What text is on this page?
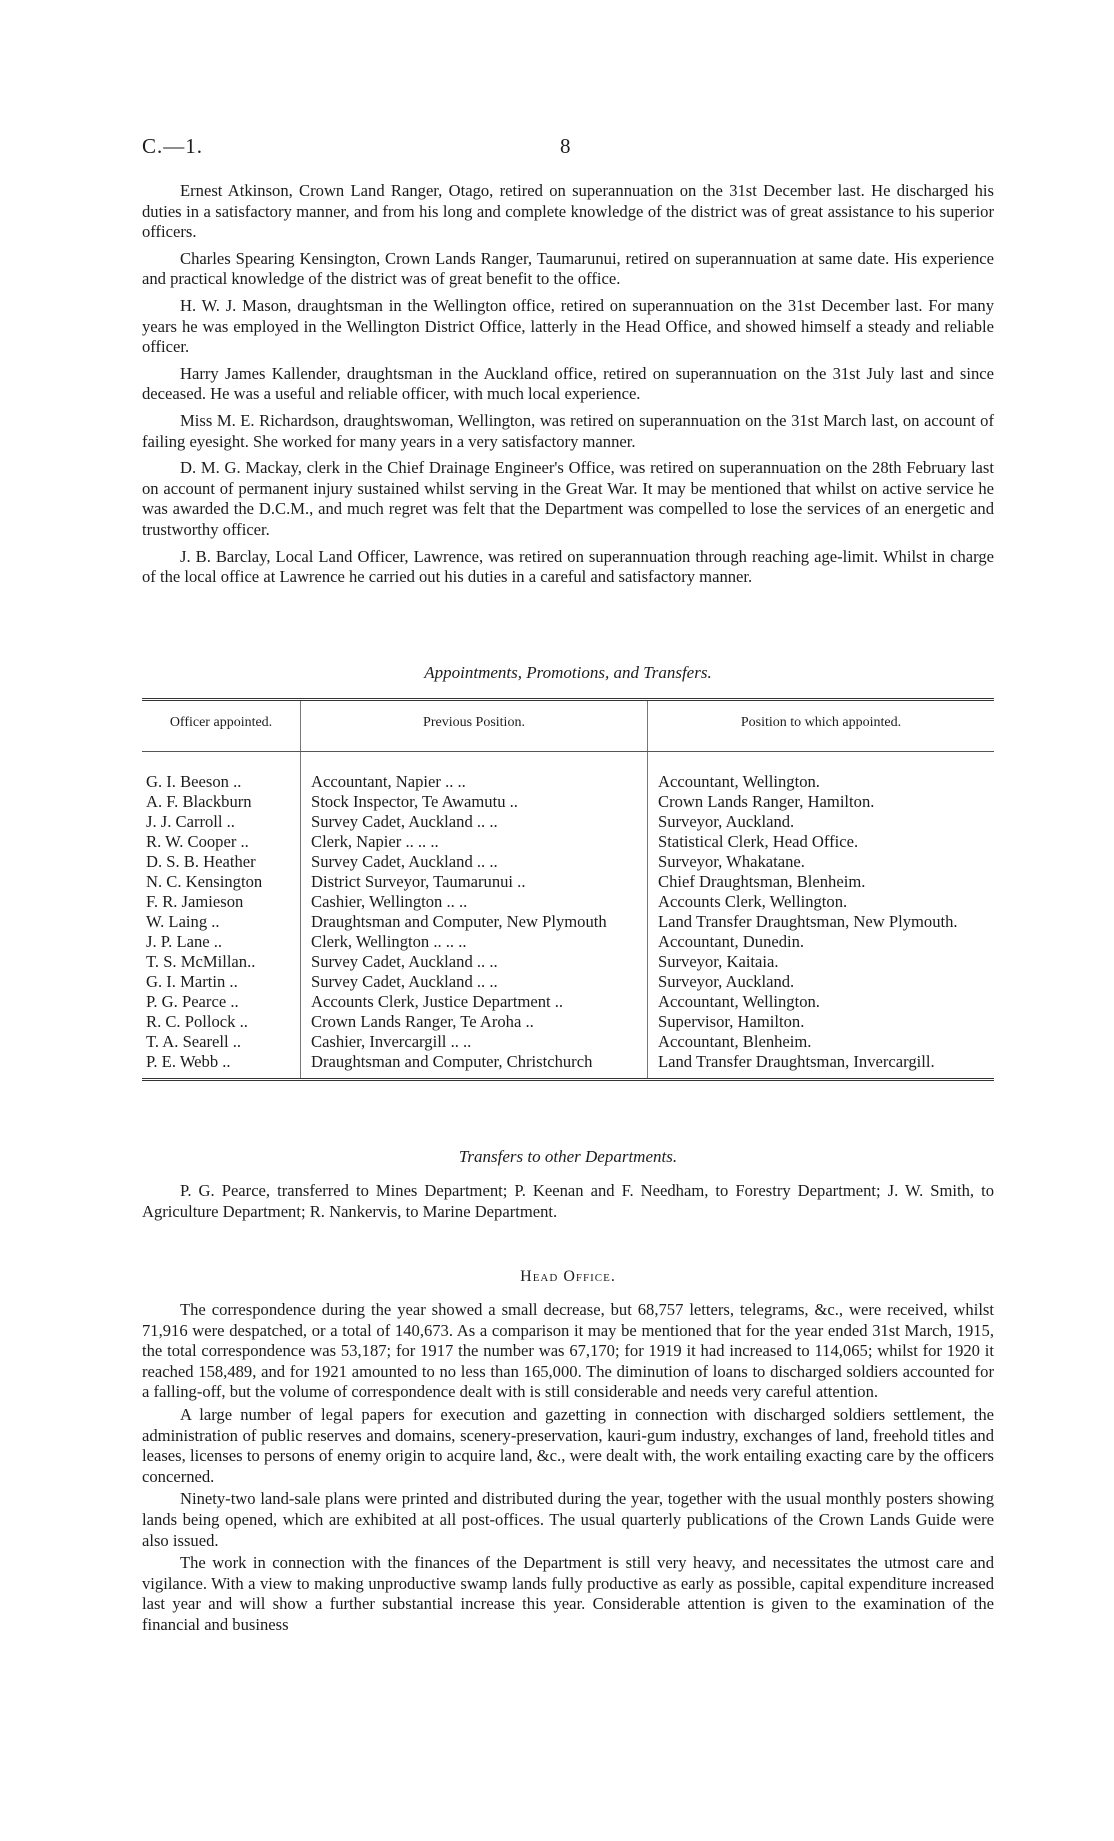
C.—1.	8

Ernest Atkinson, Crown Land Ranger, Otago, retired on superannuation on the 31st December last. He discharged his duties in a satisfactory manner, and from his long and complete knowledge of the district was of great assistance to his superior officers.

Charles Spearing Kensington, Crown Lands Ranger, Taumarunui, retired on superannuation at same date. His experience and practical knowledge of the district was of great benefit to the office.

H. W. J. Mason, draughtsman in the Wellington office, retired on superannuation on the 31st December last. For many years he was employed in the Wellington District Office, latterly in the Head Office, and showed himself a steady and reliable officer.

Harry James Kallender, draughtsman in the Auckland office, retired on superannuation on the 31st July last and since deceased. He was a useful and reliable officer, with much local experience.

Miss M. E. Richardson, draughtswoman, Wellington, was retired on superannuation on the 31st March last, on account of failing eyesight. She worked for many years in a very satisfactory manner.

D. M. G. Mackay, clerk in the Chief Drainage Engineer's Office, was retired on superannuation on the 28th February last on account of permanent injury sustained whilst serving in the Great War. It may be mentioned that whilst on active service he was awarded the D.C.M., and much regret was felt that the Department was compelled to lose the services of an energetic and trustworthy officer.

J. B. Barclay, Local Land Officer, Lawrence, was retired on superannuation through reaching age-limit. Whilst in charge of the local office at Lawrence he carried out his duties in a careful and satisfactory manner.

Appointments, Promotions, and Transfers.

Officer appointed.	Previous Position.	Position to which appointed.
G. I. Beeson ..	Accountant, Napier .. ..	Accountant, Wellington.
A. F. Blackburn	Stock Inspector, Te Awamutu ..	Crown Lands Ranger, Hamilton.
J. J. Carroll ..	Survey Cadet, Auckland .. ..	Surveyor, Auckland.
R. W. Cooper ..	Clerk, Napier .. .. ..	Statistical Clerk, Head Office.
D. S. B. Heather	Survey Cadet, Auckland .. ..	Surveyor, Whakatane.
N. C. Kensington	District Surveyor, Taumarunui ..	Chief Draughtsman, Blenheim.
F. R. Jamieson	Cashier, Wellington .. ..	Accounts Clerk, Wellington.
W. Laing ..	Draughtsman and Computer, New Plymouth	Land Transfer Draughtsman, New Plymouth.
J. P. Lane ..	Clerk, Wellington .. .. ..	Accountant, Dunedin.
T. S. McMillan..	Survey Cadet, Auckland .. ..	Surveyor, Kaitaia.
G. I. Martin ..	Survey Cadet, Auckland .. ..	Surveyor, Auckland.
P. G. Pearce ..	Accounts Clerk, Justice Department ..	Accountant, Wellington.
R. C. Pollock ..	Crown Lands Ranger, Te Aroha ..	Supervisor, Hamilton.
T. A. Searell ..	Cashier, Invercargill .. ..	Accountant, Blenheim.
P. E. Webb ..	Draughtsman and Computer, Christchurch	Land Transfer Draughtsman, Invercargill.

Transfers to other Departments.

P. G. Pearce, transferred to Mines Department; P. Keenan and F. Needham, to Forestry Department; J. W. Smith, to Agriculture Department; R. Nankervis, to Marine Department.

Head Office.

The correspondence during the year showed a small decrease, but 68,757 letters, telegrams, &c., were received, whilst 71,916 were despatched, or a total of 140,673. As a comparison it may be mentioned that for the year ended 31st March, 1915, the total correspondence was 53,187; for 1917 the number was 67,170; for 1919 it had increased to 114,065; whilst for 1920 it reached 158,489, and for 1921 amounted to no less than 165,000. The diminution of loans to discharged soldiers accounted for a falling-off, but the volume of correspondence dealt with is still considerable and needs very careful attention.

A large number of legal papers for execution and gazetting in connection with discharged soldiers settlement, the administration of public reserves and domains, scenery-preservation, kauri-gum industry, exchanges of land, freehold titles and leases, licenses to persons of enemy origin to acquire land, &c., were dealt with, the work entailing exacting care by the officers concerned.

Ninety-two land-sale plans were printed and distributed during the year, together with the usual monthly posters showing lands being opened, which are exhibited at all post-offices. The usual quarterly publications of the Crown Lands Guide were also issued.

The work in connection with the finances of the Department is still very heavy, and necessitates the utmost care and vigilance. With a view to making unproductive swamp lands fully productive as early as possible, capital expenditure increased last year and will show a further substantial increase this year. Considerable attention is given to the examination of the financial and business
